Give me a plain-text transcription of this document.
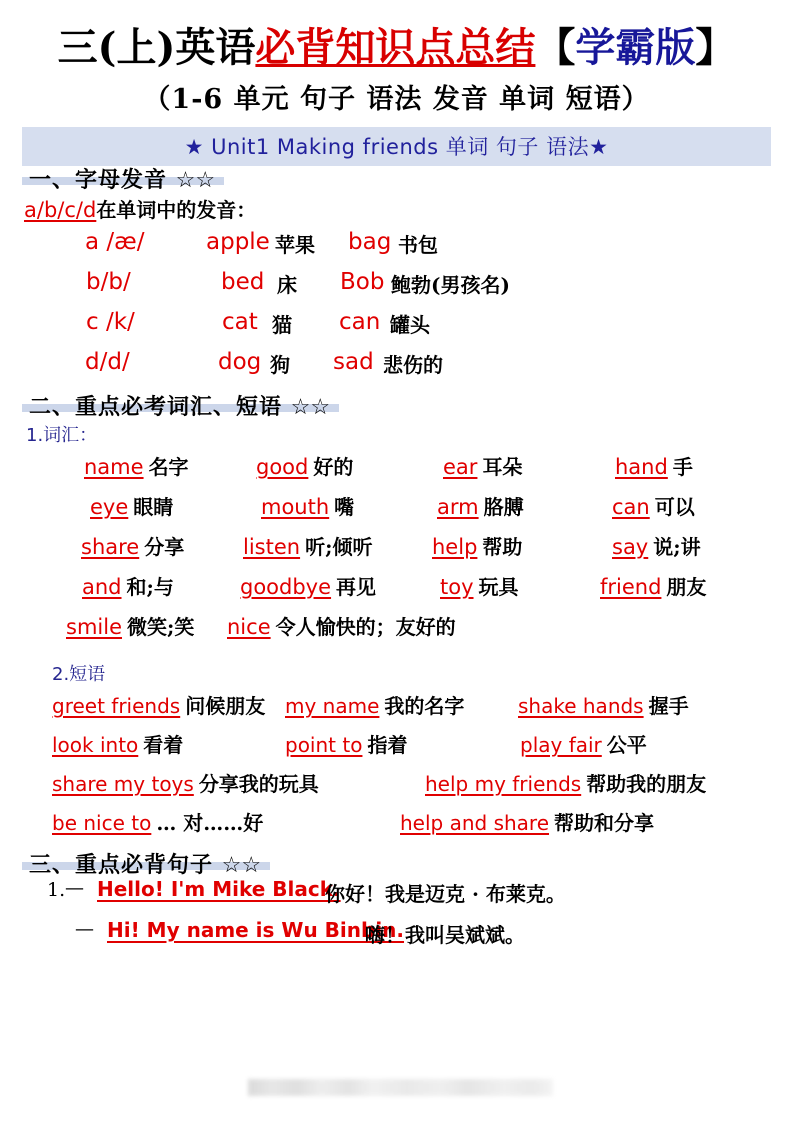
三(上)英语必背知识点总结【学霸版】
（1-6 单元 句子 语法 发音 单词 短语）
★ Unit1 Making friends 单词 句子 语法★
一、字母发音 ☆☆
a/b/c/d在单词中的发音：
a /æ/	apple 苹果 bag 书包
b/b/	bed 床 Bob 鲍勃(男孩名)
c /k/	cat 猫 can 罐头
d/d/	dog 狗 sad 悲伤的
二、重点必考词汇、短语 ☆☆
1.词汇：
name 名字	good 好的	ear 耳朵	hand 手
eye 眼睛	mouth 嘴	arm 胳膊	can 可以
share 分享	listen 听;倾听	help 帮助	say 说;讲
and 和;与	goodbye 再见	toy 玩具	friend 朋友
smile 微笑;笑 nice 令人愉快的；友好的
2.短语
greet friends 问候朋友 my name 我的名字	shake hands 握手
look into 看着	point to 指着	play fair 公平
share my toys 分享我的玩具	help my friends 帮助我的朋友
be nice to … 对……好	help and share 帮助和分享
三、重点必背句子 ☆☆
1. — Hello! I'm Mike Black.
你好！我是迈克 · 布莱克。
— Hi! My name is Wu Binbin.
嗨！我叫吴斌斌。
